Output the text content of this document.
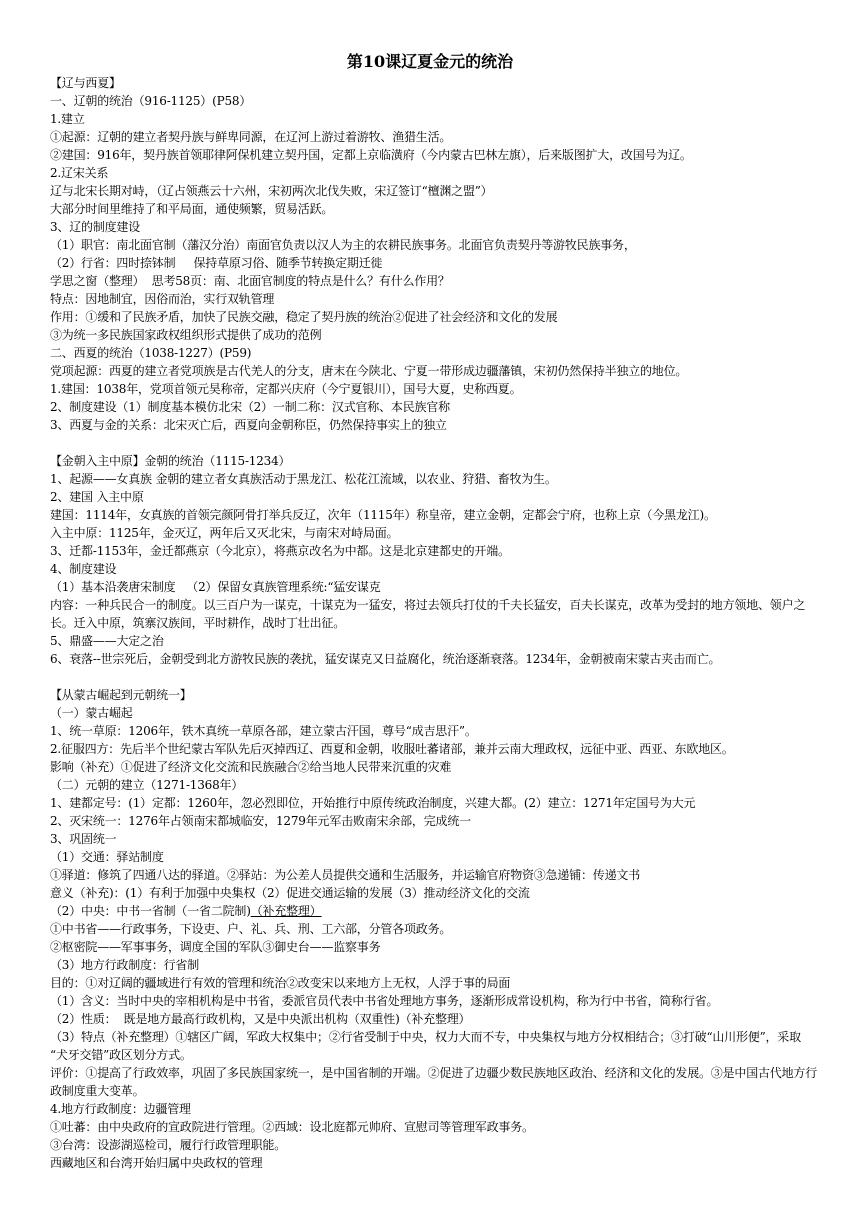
第10课辽夏金元的统治
【辽与西夏】
一、辽朝的统治（916-1125）(P58）
1.建立
①起源：辽朝的建立者契丹族与鲜卑同源，在辽河上游过着游牧、渔猎生活。
②建国：916年，契丹族首领耶律阿保机建立契丹国，定都上京临潢府（今内蒙古巴林左旗），后来版图扩大，改国号为辽。
2.辽宋关系
辽与北宋长期对峙，（辽占领燕云十六州，宋初两次北伐失败，宋辽签订“檀渊之盟”）
大部分时间里维持了和平局面，通使频繁，贸易活跃。
3、辽的制度建设
（1）职官：南北面官制（藩汉分治）南面官负责以汉人为主的农耕民族事务。北面官负责契丹等游牧民族事务，
（2）行省：四时捺钵制     保持草原习俗、随季节转换定期迁徙
学思之窗（整理）  思考58页：南、北面官制度的特点是什么？有什么作用？
特点：因地制宜，因俗而治，实行双轨管理
作用：①缓和了民族矛盾，加快了民族交融，稳定了契丹族的统治②促进了社会经济和文化的发展
③为统一多民族国家政权组织形式提供了成功的范例
二、西夏的统治（1038-1227）(P59)
党项起源：西夏的建立者党项族是古代羌人的分支，唐末在今陕北、宁夏一带形成边疆藩镇，宋初仍然保持半独立的地位。
1.建国：1038年，党项首领元昊称帝，定都兴庆府（今宁夏银川），国号大夏，史称西夏。
2、制度建设（1）制度基本模仿北宋（2）一制二称：汉式官称、本民族官称
3、西夏与金的关系：北宋灭亡后，西夏向金朝称臣，仍然保持事实上的独立
【金朝入主中原】金朝的统治（1115-1234）
1、起源——女真族 金朝的建立者女真族活动于黑龙江、松花江流域，以农业、狩猎、畜牧为生。
2、建国 入主中原
建国：1114年，女真族的首领完颜阿骨打举兵反辽，次年（1115年）称皇帝，建立金朝，定都会宁府，也称上京（今黑龙江)。
入主中原：1125年，金灭辽，两年后又灭北宋，与南宋对峙局面。
3、迁都-1153年，金迁都燕京（今北京），将燕京改名为中都。这是北京建都史的开端。
4、制度建设
（1）基本沿袭唐宋制度   （2）保留女真族管理系统:“猛安谋克
内容：一种兵民合一的制度。以三百户为一谋克，十谋克为一猛安，将过去领兵打仗的千夫长猛安，百夫长谋克，改革为受封的地方领地、领户之长。迁入中原，筑寨汉族间，平时耕作，战时丁壮出征。
5、鼎盛——大定之治
6、衰落--世宗死后，金朝受到北方游牧民族的袭扰，猛安谋克又日益腐化，统治逐渐衰落。1234年，金朝被南宋蒙古夹击而亡。
【从蒙古崛起到元朝统一】
（一）蒙古崛起
1、统一草原：1206年，铁木真统一草原各部，建立蒙古汗国，尊号“成吉思汗”。
2.征服四方：先后半个世纪蒙古军队先后灭掉西辽、西夏和金朝，收服吐蕃诸部，兼并云南大理政权，远征中亚、西亚、东欧地区。
影响（补充）①促进了经济文化交流和民族融合②给当地人民带来沉重的灾难
（二）元朝的建立（1271-1368年）
1、建都定号：(1）定都：1260年，忽必烈即位，开始推行中原传统政治制度，兴建大都。(2）建立：1271年定国号为大元
2、灭宋统一：1276年占领南宋都城临安，1279年元军击败南宋余部，完成统一
3、巩固统一
（1）交通：驿站制度
①驿道：修筑了四通八达的驿道。②驿站：为公差人员提供交通和生活服务，并运输官府物资③急递铺：传递文书
意义（补充)：(1）有利于加强中央集权（2）促进交通运输的发展（3）推动经济文化的交流
（2）中央：中书一省制（一省二院制)（补充整理）
①中书省——行政事务，下设吏、户、礼、兵、刑、工六部，分管各项政务。
②枢密院——军事事务，调度全国的军队③御史台——监察事务
（3）地方行政制度：行省制
目的：①对辽阔的疆域进行有效的管理和统治②改变宋以来地方上无权，人浮于事的局面
（1）含义：当时中央的宰相机构是中书省，委派官员代表中书省处理地方事务，逐渐形成常设机构，称为行中书省，简称行省。
（2）性质：  既是地方最高行政机构，又是中央派出机构（双重性)（补充整理）
（3）特点（补充整理）①辖区广阔，军政大权集中；②行省受制于中央，权力大而不专，中央集权与地方分权相结合；③打破“山川形便”，采取 “犬牙交错”政区划分方式。
评价：①提高了行政效率，巩固了多民族国家统一，是中国省制的开端。②促进了边疆少数民族地区政治、经济和文化的发展。③是中国古代地方行政制度重大变革。
4.地方行政制度：边疆管理
①吐蕃：由中央政府的宣政院进行管理。②西域：设北庭都元帅府、宣慰司等管理军政事务。
③台湾：设澎湖巡检司，履行行政管理职能。
西藏地区和台湾开始归属中央政权的管理
